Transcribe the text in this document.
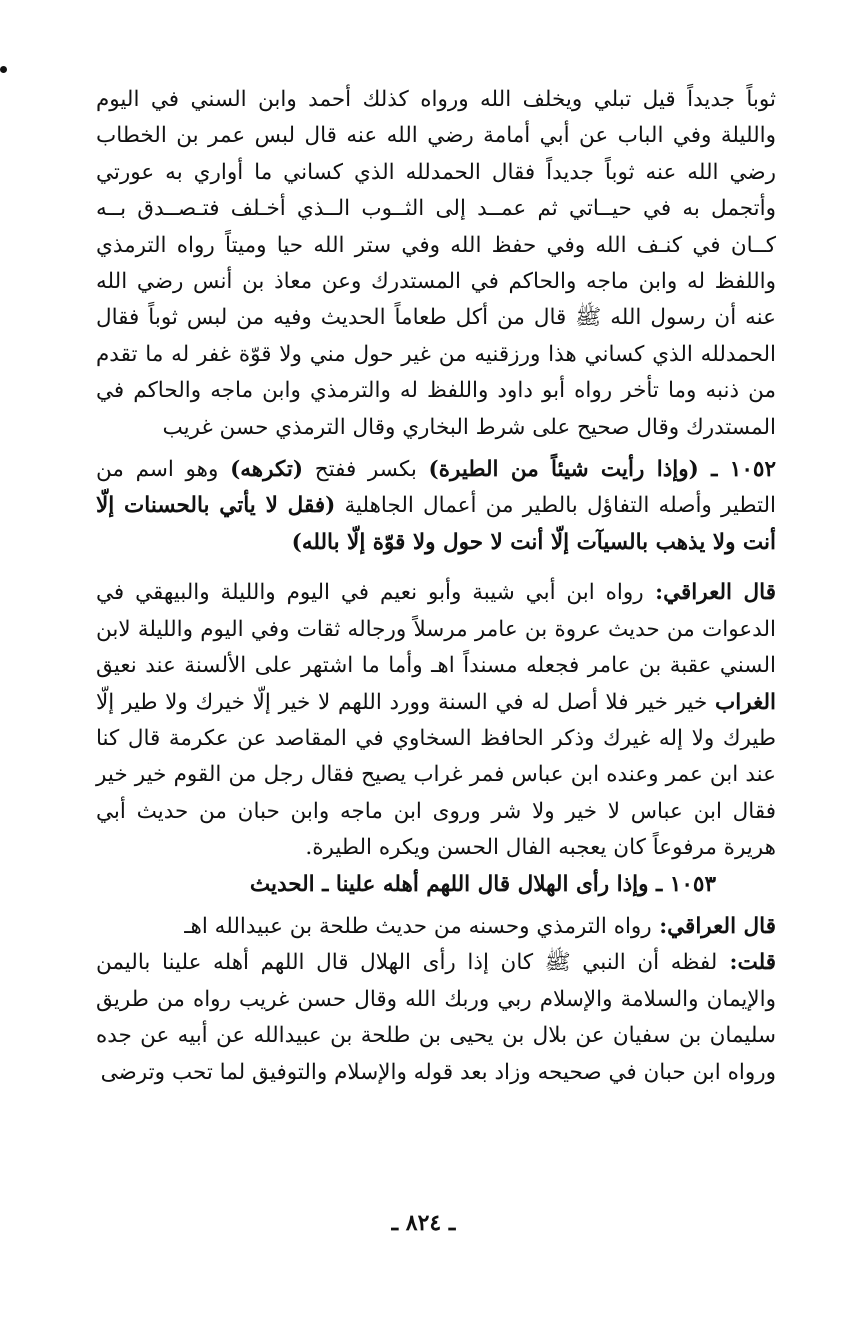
ثوباً جديداً قيل تبلي ويخلف الله ورواه كذلك أحمد وابن السني في اليوم والليلة وفي الباب عن أبي أمامة رضي الله عنه قال لبس عمر بن الخطاب رضي الله عنه ثوباً جديداً فقال الحمدلله الذي كساني ما أواري به عورتي وأتجمل به في حيــاتي ثم عمــد إلى الثــوب الــذي أخـلف فتـصــدق بــه كــان في كنـف الله وفي حفظ الله وفي ستر الله حيا وميتاً رواه الترمذي واللفظ له وابن ماجه والحاكم في المستدرك وعن معاذ بن أنس رضي الله عنه أن رسول الله ﷺ قال من أكل طعاماً الحديث وفيه من لبس ثوباً فقال الحمدلله الذي كساني هذا ورزقنيه من غير حول مني ولا قوّة غفر له ما تقدم من ذنبه وما تأخر رواه أبو داود واللفظ له والترمذي وابن ماجه والحاكم في المستدرك وقال صحيح على شرط البخاري وقال الترمذي حسن غريب

١٠٥٢ ـ (وإذا رأيت شيئاً من الطيرة) بكسر ففتح (تكرهه) وهو اسم من التطير وأصله التفاؤل بالطير من أعمال الجاهلية (فقل لا يأتي بالحسنات إلّا أنت ولا يذهب بالسيآت إلّا أنت لا حول ولا قوّة إلّا بالله)

قال العراقي: رواه ابن أبي شيبة وأبو نعيم في اليوم والليلة والبيهقي في الدعوات من حديث عروة بن عامر مرسلاً ورجاله ثقات وفي اليوم والليلة لابن السني عقبة بن عامر فجعله مسنداً اهـ وأما ما اشتهر على الألسنة عند نعيق الغراب خير خير فلا أصل له في السنة وورد اللهم لا خير إلّا خيرك ولا طير إلّا طيرك ولا إله غيرك وذكر الحافظ السخاوي في المقاصد عن عكرمة قال كنا عند ابن عمر وعنده ابن عباس فمر غراب يصيح فقال رجل من القوم خير خير فقال ابن عباس لا خير ولا شر وروى ابن ماجه وابن حبان من حديث أبي هريرة مرفوعاً كان يعجبه الفال الحسن ويكره الطيرة.

١٠٥٣ ـ وإذا رأى الهلال قال اللهم أهله علينا ـ الحديث

قال العراقي: رواه الترمذي وحسنه من حديث طلحة بن عبيدالله اهـ

قلت: لفظه أن النبي ﷺ كان إذا رأى الهلال قال اللهم أهله علينا باليمن والإيمان والسلامة والإسلام ربي وربك الله وقال حسن غريب رواه من طريق سليمان بن سفيان عن بلال بن يحيى بن طلحة بن عبيدالله عن أبيه عن جده ورواه ابن حبان في صحيحه وزاد بعد قوله والإسلام والتوفيق لما تحب وترضى

ـ ٨٢٤ ـ
